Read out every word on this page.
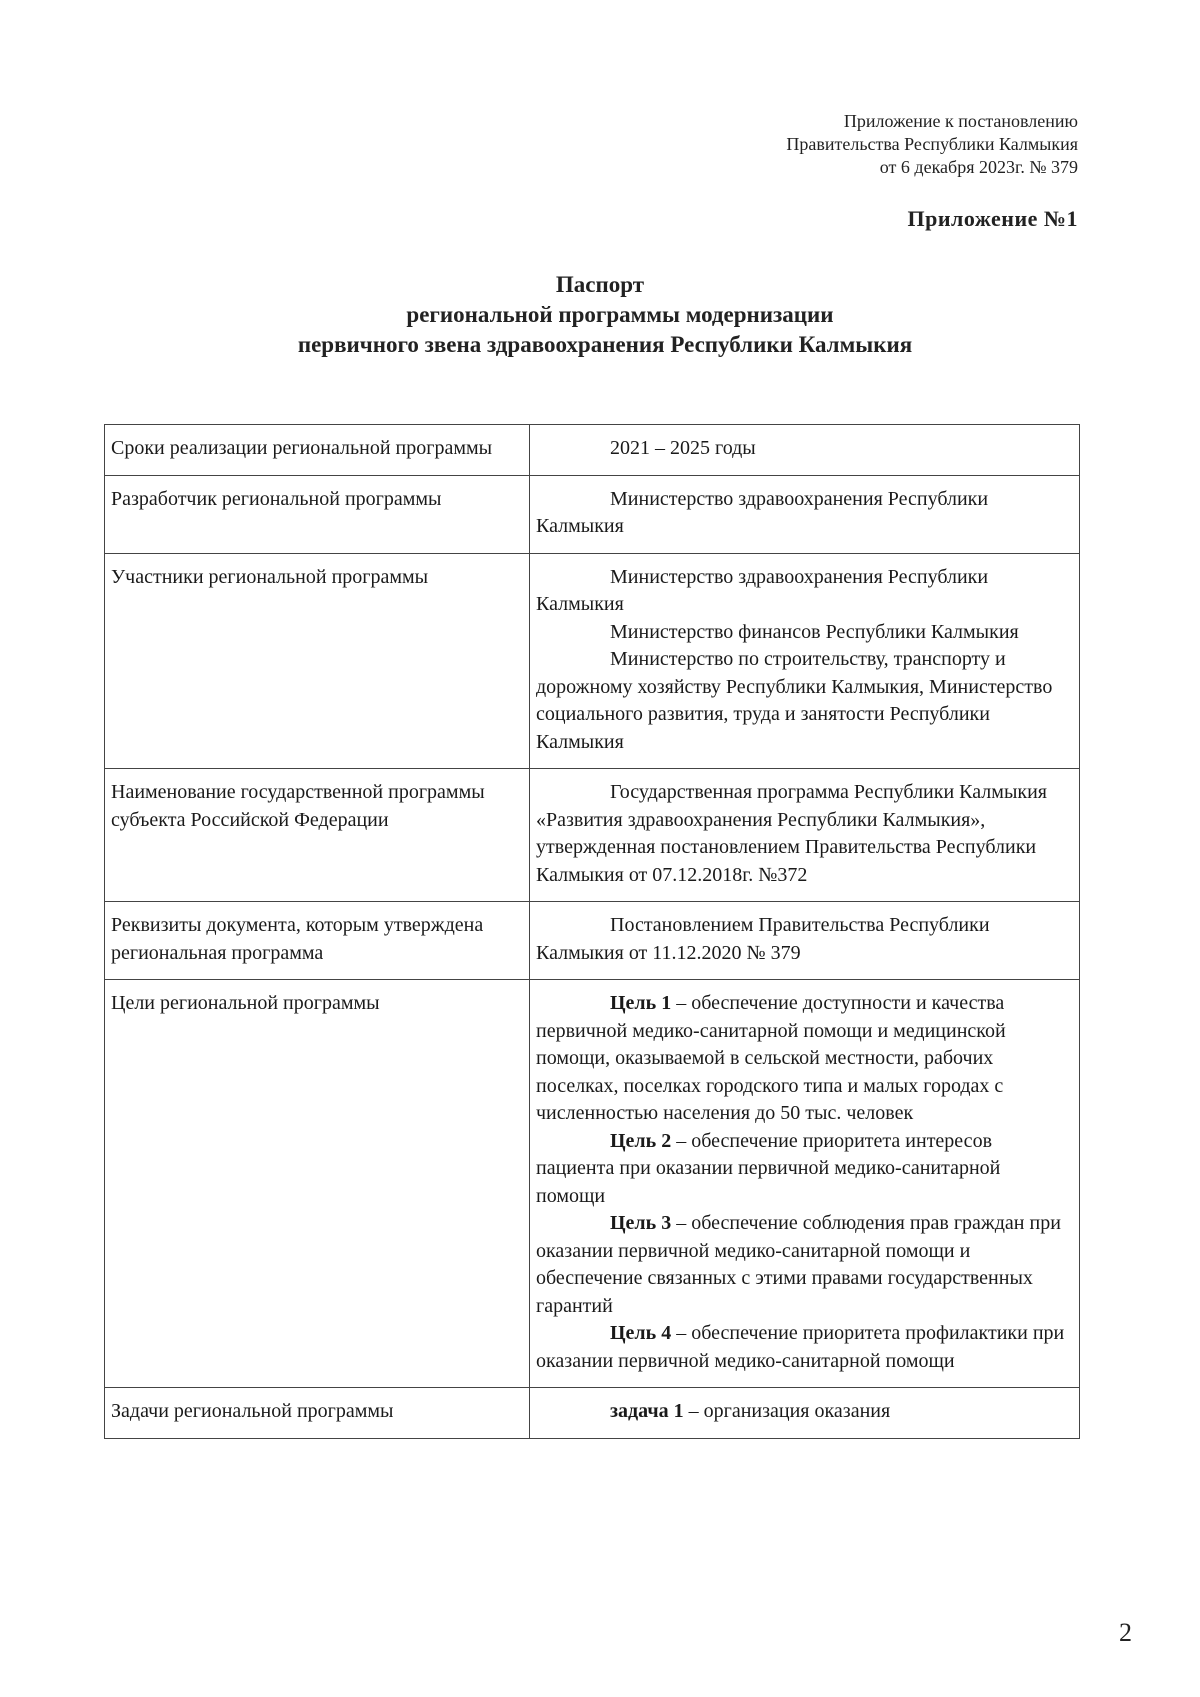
Приложение к постановлению
Правительства Республики Калмыкия
от 6 декабря 2023г. № 379
Приложение №1
Паспорт
региональной программы модернизации
первичного звена здравоохранения Республики Калмыкия
Сроки реализации региональной программы	2021 – 2025 годы

Разработчик региональной программы	Министерство здравоохранения Республики Калмыкия

Участники региональной программы	Министерство здравоохранения Республики Калмыкия

Министерство финансов Республики Калмыкия

Министерство по строительству, транспорту и дорожному хозяйству Республики Калмыкия, Министерство социального развития, труда и занятости Республики Калмыкия

Наименование государственной программы субъекта Российской Федерации	Государственная программа Республики Калмыкия «Развития здравоохранения Республики Калмыкия», утвержденная постановлением Правительства Республики Калмыкия от 07.12.2018г. №372

Реквизиты документа, которым утверждена региональная программа	Постановлением Правительства Республики Калмыкия от 11.12.2020 № 379

Цели региональной программы	Цель 1 – обеспечение доступности и качества первичной медико-санитарной помощи и медицинской помощи, оказываемой в сельской местности, рабочих поселках, поселках городского типа и малых городах с численностью населения до 50 тыс. человек

Цель 2 – обеспечение приоритета интересов пациента при оказании первичной медико-санитарной помощи

Цель 3 – обеспечение соблюдения прав граждан при оказании первичной медико-санитарной помощи и обеспечение связанных с этими правами государственных гарантий

Цель 4 – обеспечение приоритета профилактики при оказании первичной медико-санитарной помощи

Задачи региональной программы	задача 1 – организация оказания

2
